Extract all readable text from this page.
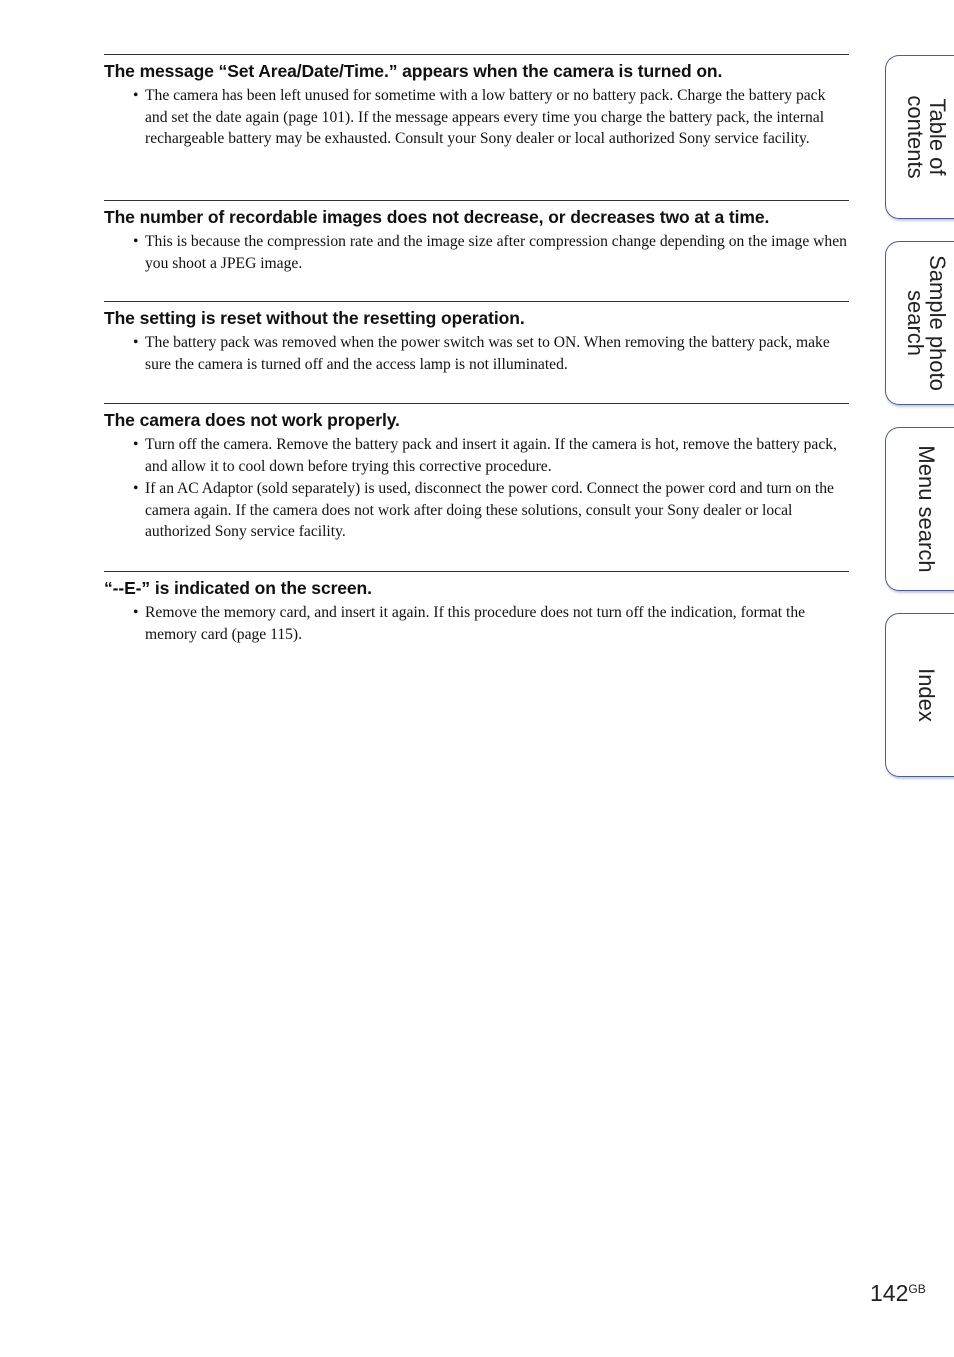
The message “Set Area/Date/Time.” appears when the camera is turned on.
• The camera has been left unused for sometime with a low battery or no battery pack. Charge the battery pack and set the date again (page 101). If the message appears every time you charge the battery pack, the internal rechargeable battery may be exhausted. Consult your Sony dealer or local authorized Sony service facility.
The number of recordable images does not decrease, or decreases two at a time.
• This is because the compression rate and the image size after compression change depending on the image when you shoot a JPEG image.
The setting is reset without the resetting operation.
• The battery pack was removed when the power switch was set to ON. When removing the battery pack, make sure the camera is turned off and the access lamp is not illuminated.
The camera does not work properly.
• Turn off the camera. Remove the battery pack and insert it again. If the camera is hot, remove the battery pack, and allow it to cool down before trying this corrective procedure.
• If an AC Adaptor (sold separately) is used, disconnect the power cord. Connect the power cord and turn on the camera again. If the camera does not work after doing these solutions, consult your Sony dealer or local authorized Sony service facility.
“--E-” is indicated on the screen.
• Remove the memory card, and insert it again. If this procedure does not turn off the indication, format the memory card (page 115).
Table of
contents
Sample photo
search
Menu search
Index
$142^{GB}$
